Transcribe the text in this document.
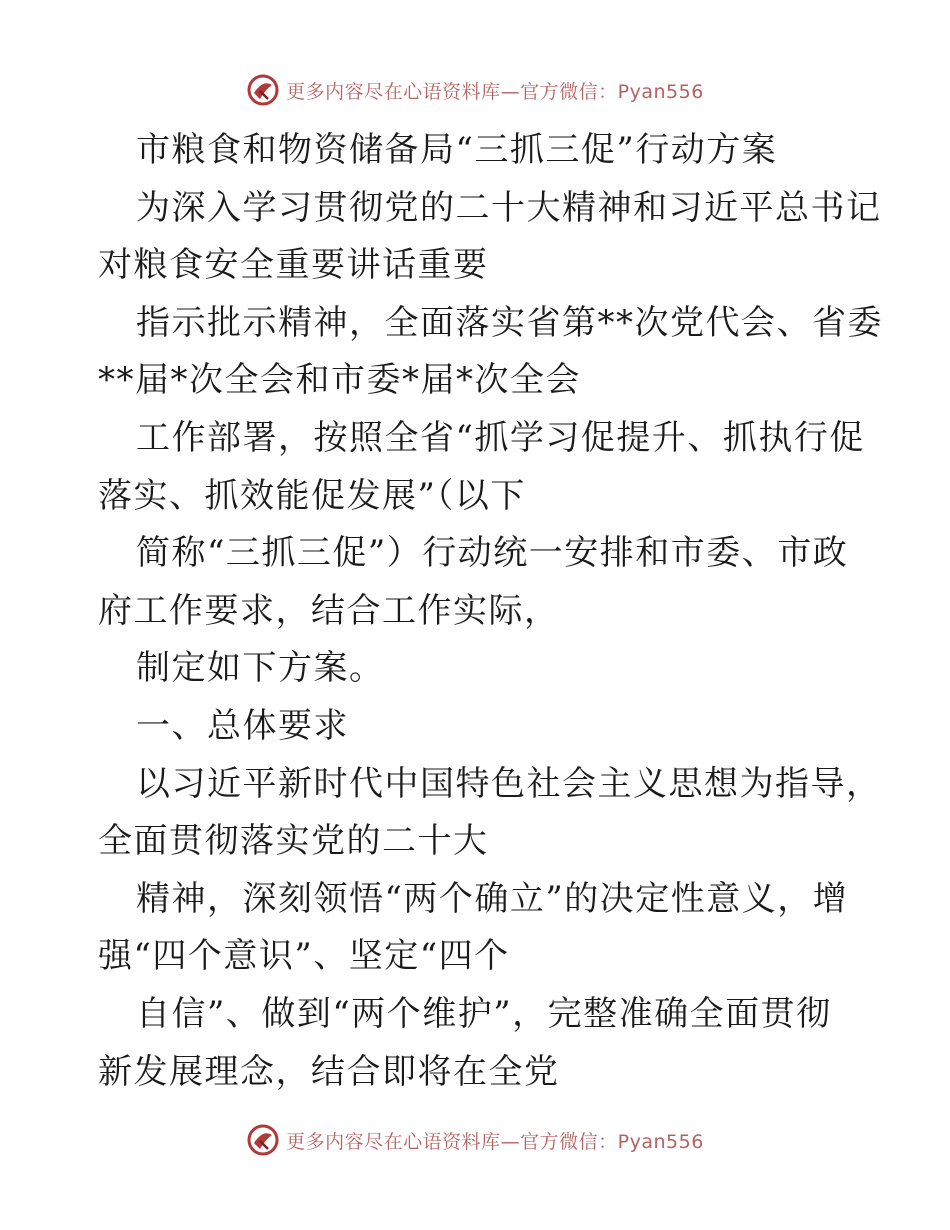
更多内容尽在心语资料库—官方微信：Pyan556
市粮食和物资储备局“三抓三促”行动方案
为深入学习贯彻党的二十大精神和习近平总书记
对粮食安全重要讲话重要
指示批示精神，全面落实省第**次党代会、省委
**届*次全会和市委*届*次全会
工作部署，按照全省“抓学习促提升、抓执行促
落实、抓效能促发展”（以下
简称“三抓三促”）行动统一安排和市委、市政
府工作要求，结合工作实际，
制定如下方案。
一、总体要求
以习近平新时代中国特色社会主义思想为指导，
全面贯彻落实党的二十大
精神，深刻领悟“两个确立”的决定性意义，增
强“四个意识”、坚定“四个
自信”、做到“两个维护”，完整准确全面贯彻
新发展理念，结合即将在全党
更多内容尽在心语资料库—官方微信：Pyan556
